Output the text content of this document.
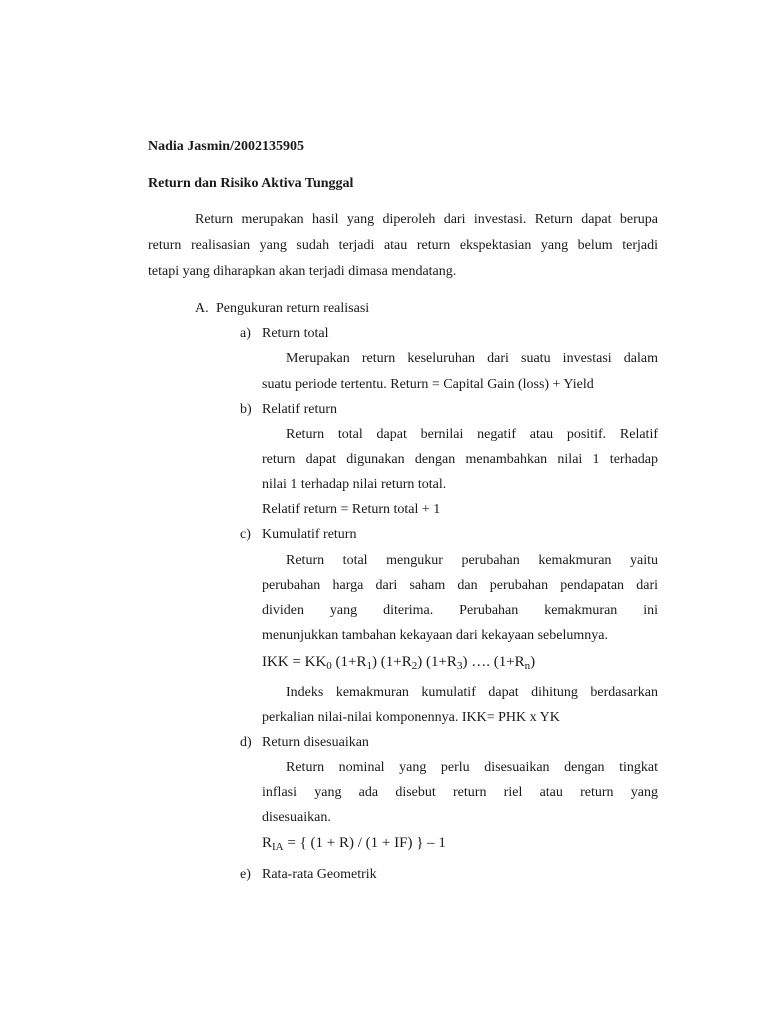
Nadia Jasmin/2002135905
Return dan Risiko Aktiva Tunggal
Return merupakan hasil yang diperoleh dari investasi. Return dapat berupa
return realisasian yang sudah terjadi atau return ekspektasian yang belum terjadi
tetapi yang diharapkan akan terjadi dimasa mendatang.
A. Pengukuran return realisasi
a) Return total
Merupakan return keseluruhan dari suatu investasi dalam
suatu periode tertentu. Return = Capital Gain (loss) + Yield
b) Relatif return
Return total dapat bernilai negatif atau positif. Relatif
return dapat digunakan dengan menambahkan nilai 1 terhadap
nilai 1 terhadap nilai return total.
Relatif return = Return total + 1
c) Kumulatif return
Return total mengukur perubahan kemakmuran yaitu
perubahan harga dari saham dan perubahan pendapatan dari
dividen yang diterima. Perubahan kemakmuran ini
menunjukkan tambahan kekayaan dari kekayaan sebelumnya.
IKK = $KK_0$ $(1+R_1)$ $(1+R_2)$ $(1+R_3)$ …. $(1+R_n)$
Indeks kemakmuran kumulatif dapat dihitung berdasarkan
perkalian nilai-nilai komponennya. IKK= PHK x YK
d) Return disesuaikan
Return nominal yang perlu disesuaikan dengan tingkat
inflasi yang ada disebut return riel atau return yang
disesuaikan.
$R_{IA}$ = { (1 + R) / (1 + IF) } – 1
e) Rata-rata Geometrik
